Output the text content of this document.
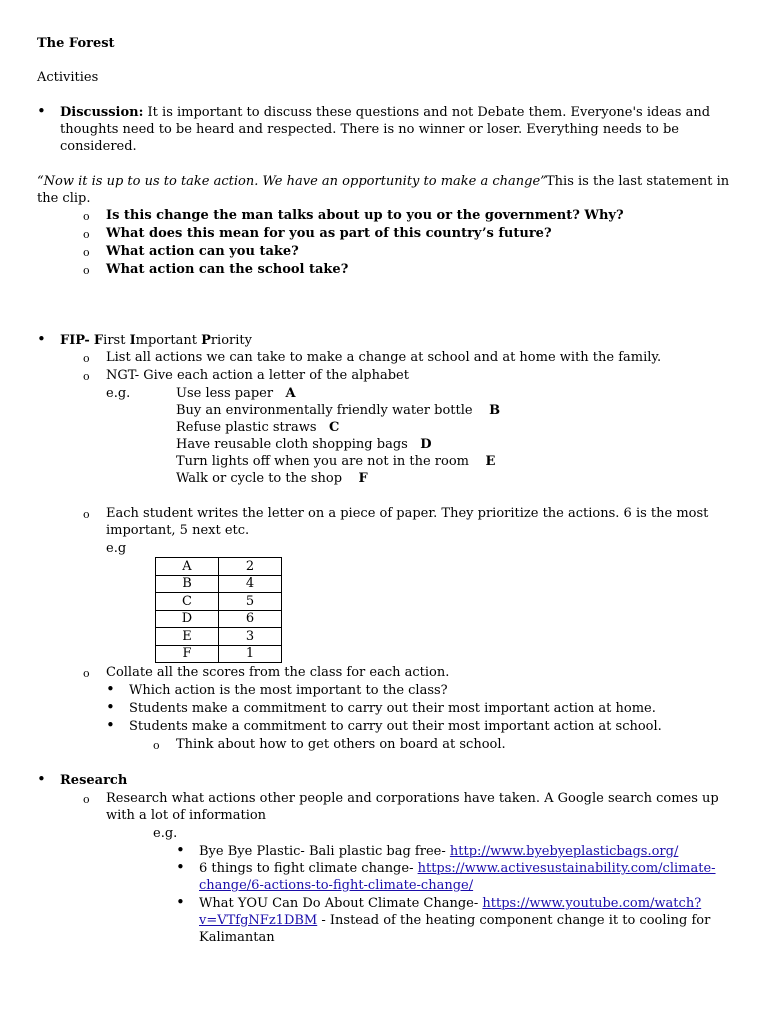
The Forest
Activities
• Discussion: It is important to discuss these questions and not Debate them. Everyone's ideas and
thoughts need to be heard and respected. There is no winner or loser. Everything needs to be
considered.
“Now it is up to us to take action. We have an opportunity to make a change” This is the last statement in
the clip.
o Is this change the man talks about up to you or the government? Why?
o What does this mean for you as part of this country’s future?
o What action can you take?
o What action can the school take?
• FIP- First Important Priority
o List all actions we can take to make a change at school and at home with the family.
o NGT- Give each action a letter of the alphabet
e.g.	Use less paper A
Buy an environmentally friendly water bottle B
Refuse plastic straws C
Have reusable cloth shopping bags D
Turn lights off when you are not in the room E
Walk or cycle to the shop F
o Each student writes the letter on a piece of paper. They prioritize the actions. 6 is the most
important, 5 next etc.
e.g
A	2
B	4
C	5
D	6
E	3
F	1
o Collate all the scores from the class for each action.
• Which action is the most important to the class?
• Students make a commitment to carry out their most important action at home.
• Students make a commitment to carry out their most important action at school.
o Think about how to get others on board at school.
• Research
o Research what actions other people and corporations have taken. A Google search comes up
with a lot of information
e.g.
• Bye Bye Plastic- Bali plastic bag free- http://www.byebyeplasticbags.org/
• 6 things to fight climate change- https://www.activesustainability.com/climate-
change/6-actions-to-fight-climate-change/
• What YOU Can Do About Climate Change- https://www.youtube.com/watch?
v=VTfgNFz1DBM - Instead of the heating component change it to cooling for
Kalimantan
